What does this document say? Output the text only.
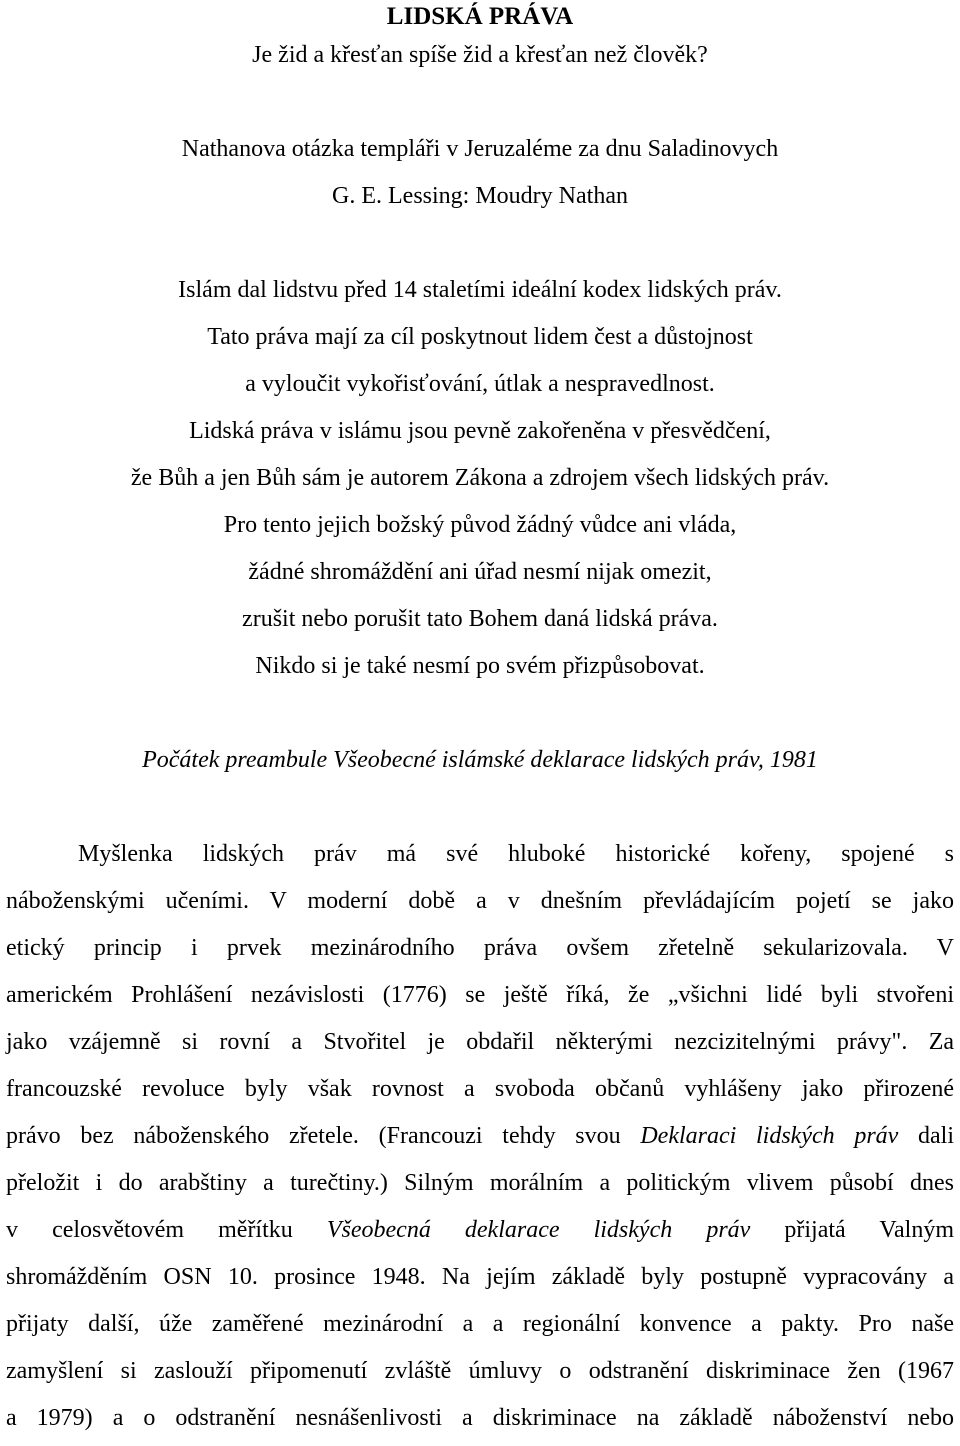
LIDSKÁ PRÁVA

Je žid a křesťan spíše žid a křesťan než člověk?

Nathanova otázka templáři v Jeruzaléme za dnu Saladinovych

G. E. Lessing: Moudry Nathan

Islám dal lidstvu před 14 staletími ideální kodex lidských práv.

Tato práva mají za cíl poskytnout lidem čest a důstojnost

a vyloučit vykořisťování, útlak a nespravedlnost.

Lidská práva v islámu jsou pevně zakořeněna v přesvědčení,

že Bůh a jen Bůh sám je autorem Zákona a zdrojem všech lidských práv.

Pro tento jejich božský původ žádný vůdce ani vláda,

žádné shromáždění ani úřad nesmí nijak omezit,

zrušit nebo porušit tato Bohem daná lidská práva.

Nikdo si je také nesmí po svém přizpůsobovat.

Počátek preambule Všeobecné islámské deklarace lidských práv, 1981

Myšlenka lidských práv má své hluboké historické kořeny, spojené s
náboženskými učeními. V moderní době a v dnešním převládajícím pojetí se jako
etický princip i prvek mezinárodního práva ovšem zřetelně sekularizovala. V
americkém Prohlášení nezávislosti (1776) se ještě říká, že „všichni lidé byli stvořeni
jako vzájemně si rovní a Stvořitel je obdařil některými nezcizitelnými právy". Za
francouzské revoluce byly však rovnost a svoboda občanů vyhlášeny jako přirozené
právo bez náboženského zřetele. (Francouzi tehdy svou Deklaraci lidských práv dali
přeložit i do arabštiny a turečtiny.) Silným morálním a politickým vlivem působí dnes
v celosvětovém měřítku Všeobecná deklarace lidských práv přijatá Valným
shromážděním OSN 10. prosince 1948. Na jejím základě byly postupně vypracovány a
přijaty další, úže zaměřené mezinárodní a a regionální konvence a pakty. Pro naše
zamyšlení si zaslouží připomenutí zvláště úmluvy o odstranění diskriminace žen (1967
a 1979) a o odstranění nesnášenlivosti a diskriminace na základě náboženství nebo
